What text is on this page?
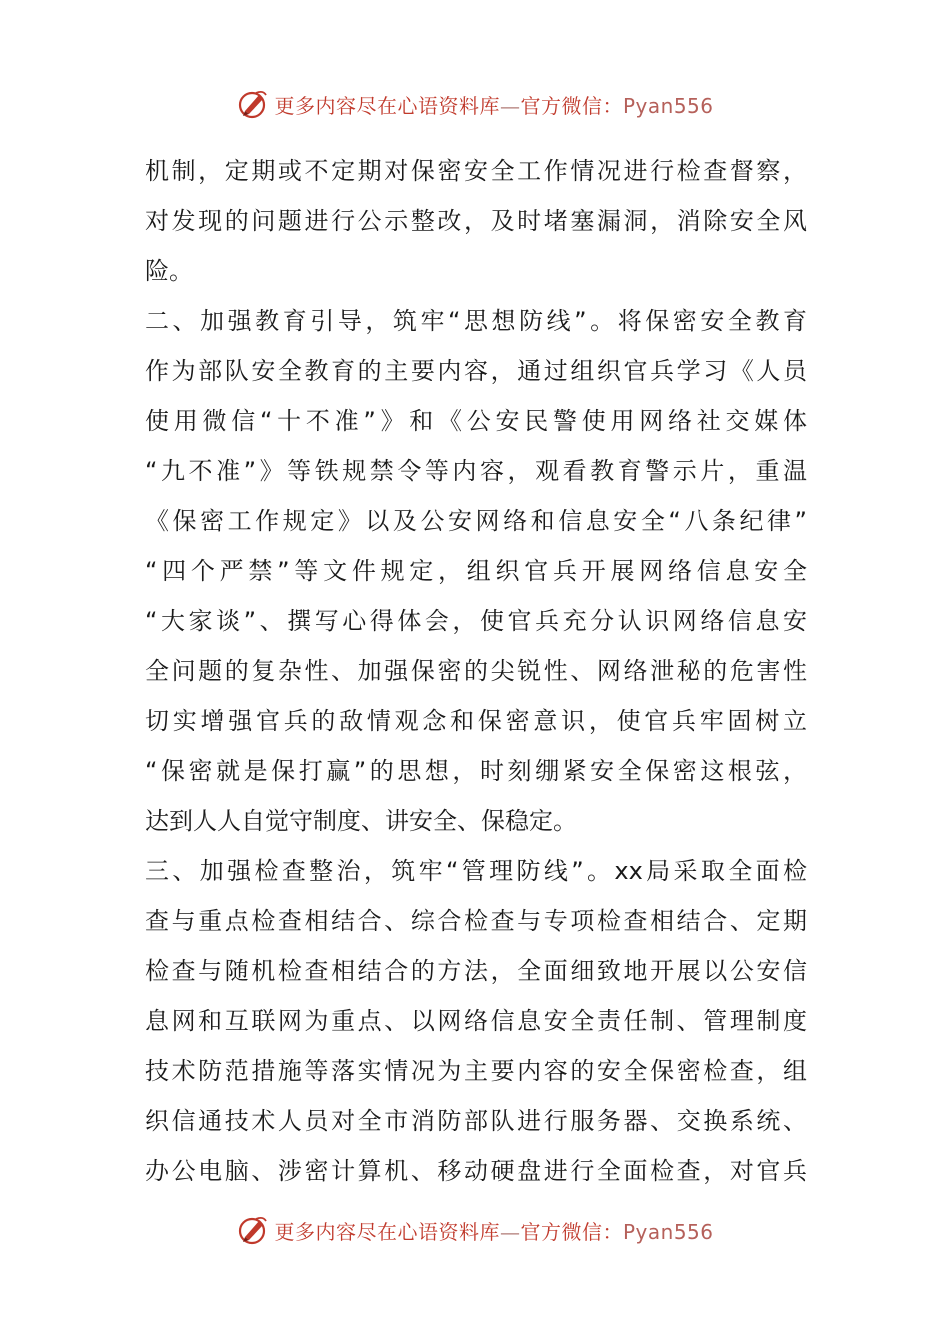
更多内容尽在心语资料库—官方微信：Pyan556
机制，定期或不定期对保密安全工作情况进行检查督察，
对发现的问题进行公示整改，及时堵塞漏洞，消除安全风
险。
二、加强教育引导，筑牢“思想防线”。将保密安全教育
作为部队安全教育的主要内容，通过组织官兵学习《人员
使用微信“十不准”》和《公安民警使用网络社交媒体
“九不准”》等铁规禁令等内容，观看教育警示片，重温
《保密工作规定》以及公安网络和信息安全“八条纪律”
“四个严禁”等文件规定，组织官兵开展网络信息安全
“大家谈”、撰写心得体会，使官兵充分认识网络信息安
全问题的复杂性、加强保密的尖锐性、网络泄秘的危害性
切实增强官兵的敌情观念和保密意识，使官兵牢固树立
“保密就是保打赢”的思想，时刻绷紧安全保密这根弦，
达到人人自觉守制度、讲安全、保稳定。
三、加强检查整治，筑牢“管理防线”。xx局采取全面检
查与重点检查相结合、综合检查与专项检查相结合、定期
检查与随机检查相结合的方法，全面细致地开展以公安信
息网和互联网为重点、以网络信息安全责任制、管理制度
技术防范措施等落实情况为主要内容的安全保密检查，组
织信通技术人员对全市消防部队进行服务器、交换系统、
办公电脑、涉密计算机、移动硬盘进行全面检查，对官兵
更多内容尽在心语资料库—官方微信：Pyan556
